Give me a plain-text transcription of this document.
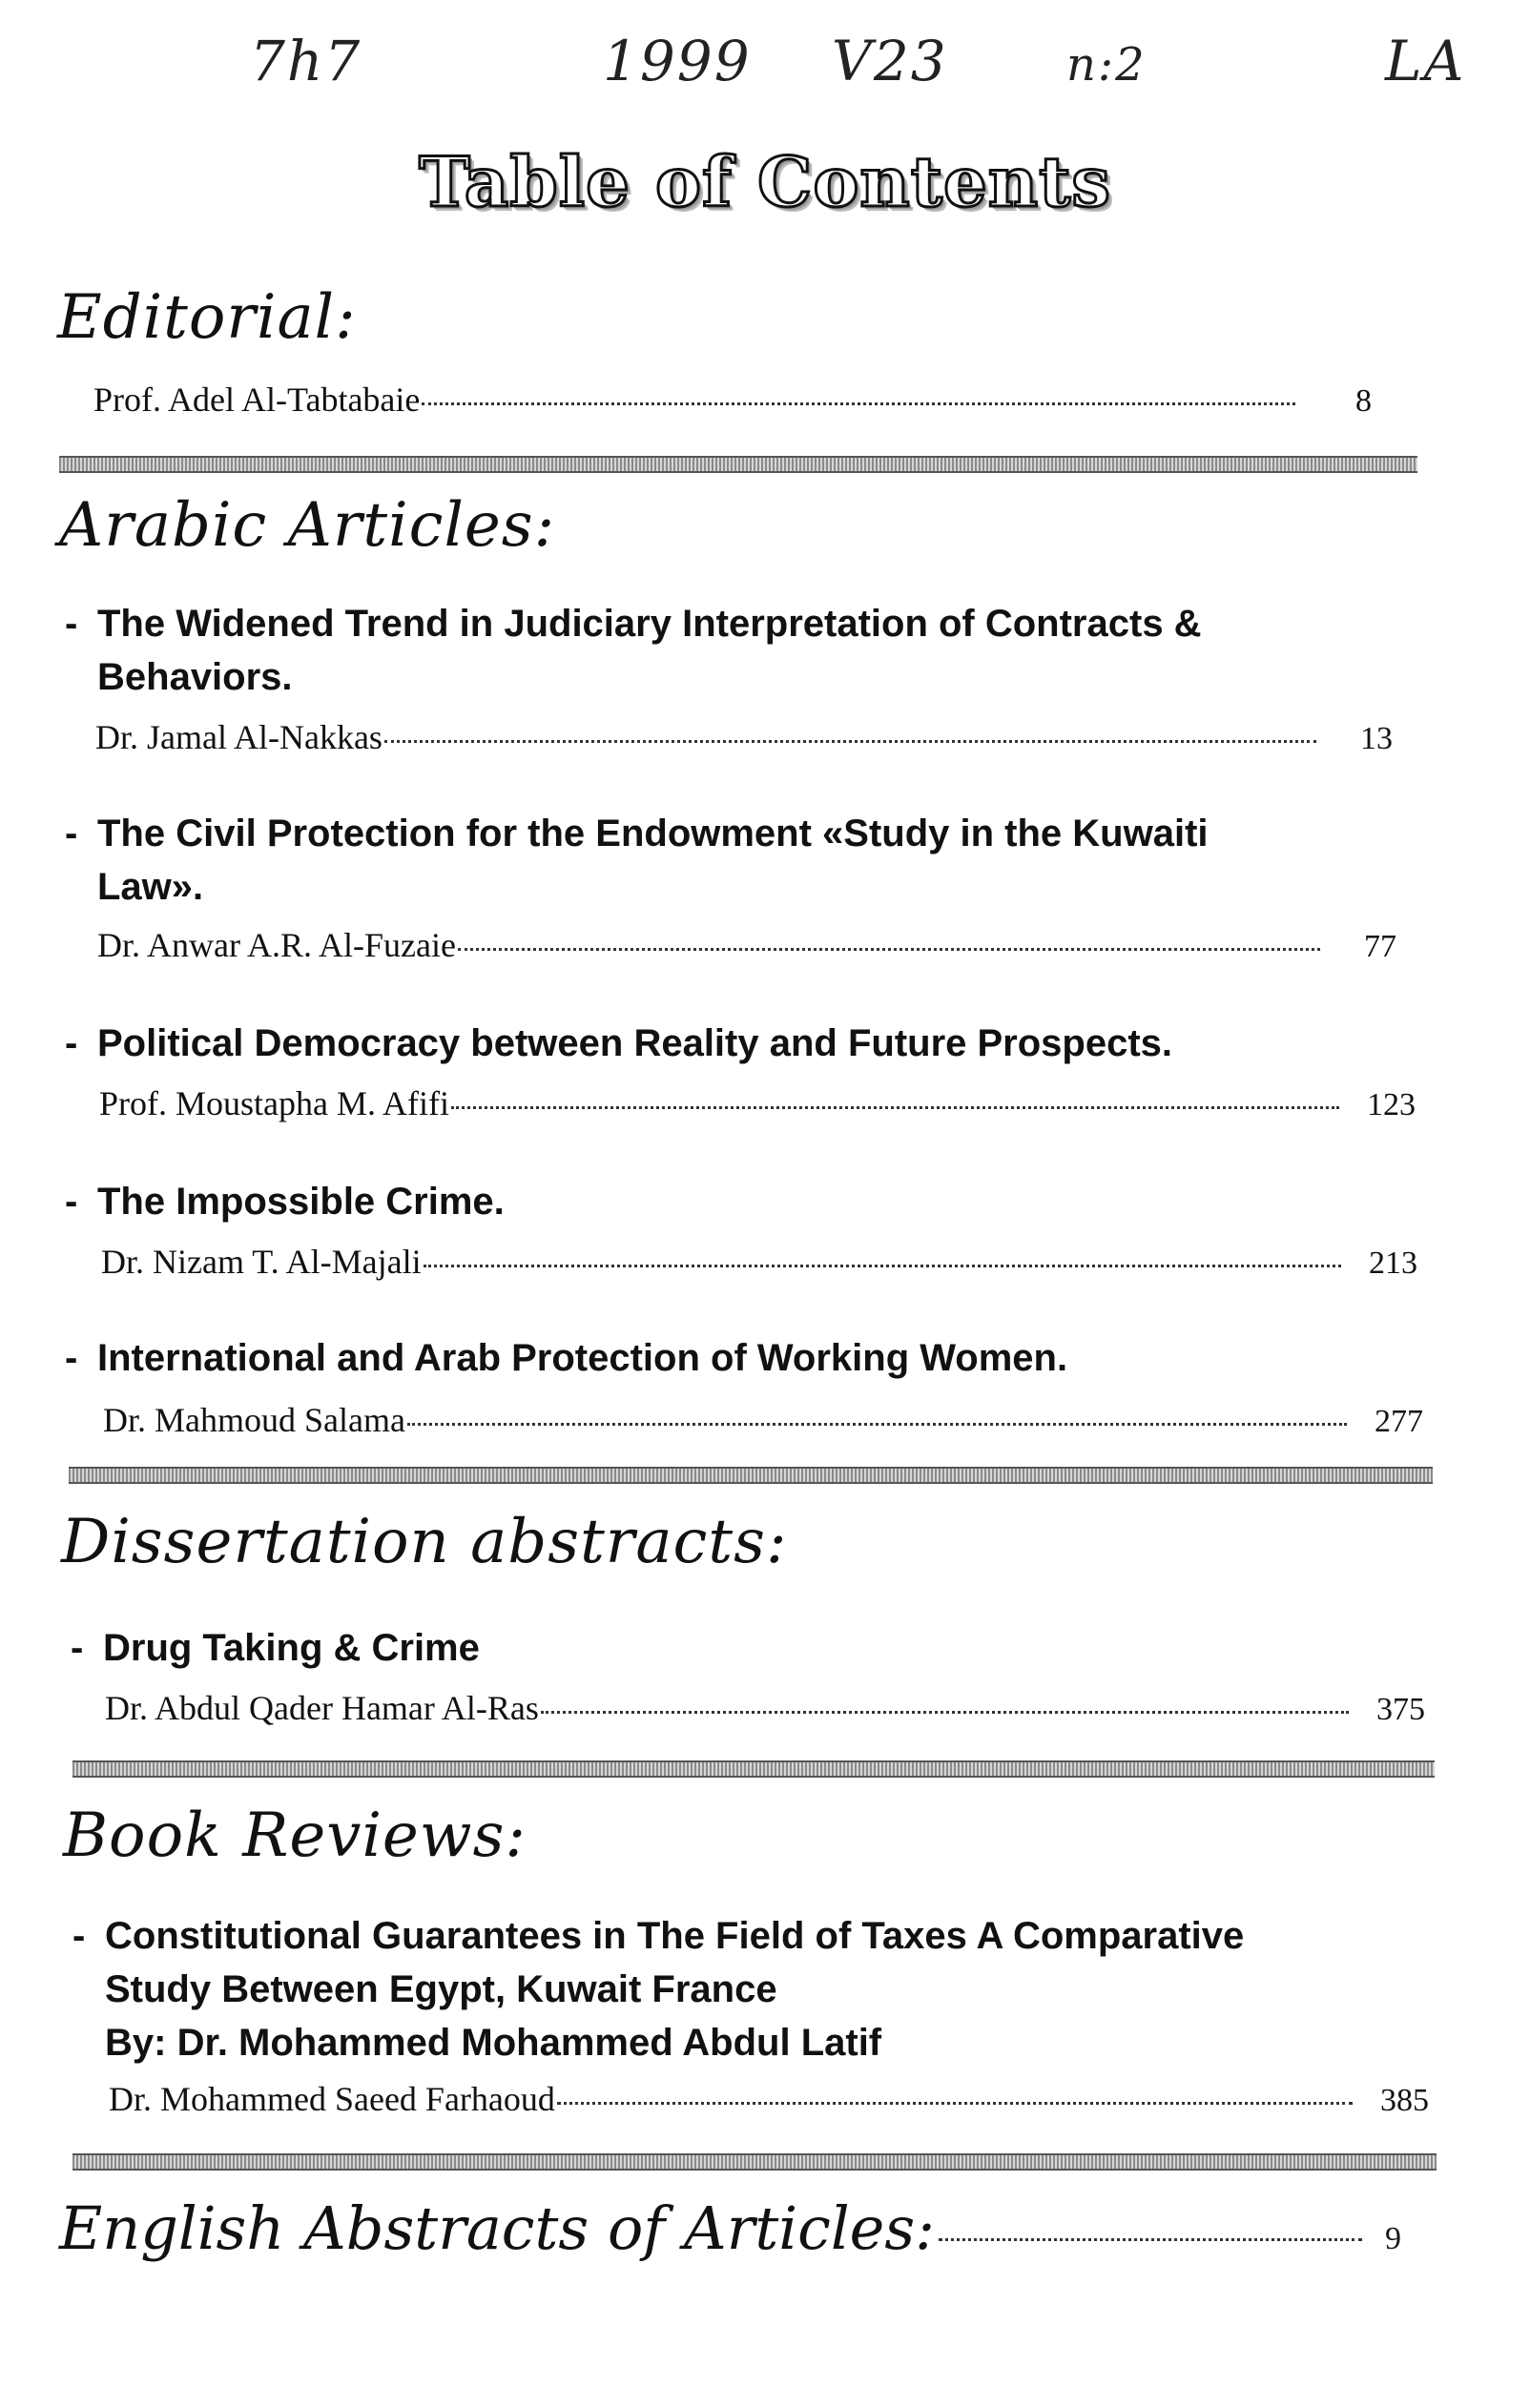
7h7	1999 V23	n:2	LA
Table of Contents
Editorial:
Prof. Adel Al-Tabtabaie	8
Arabic Articles:
- The Widened Trend in Judiciary Interpretation of Contracts &
Behaviors.
Dr. Jamal Al-Nakkas	13
- The Civil Protection for the Endowment «Study in the Kuwaiti
Law».
Dr. Anwar A.R. Al-Fuzaie	77
- Political Democracy between Reality and Future Prospects.
Prof. Moustapha M. Afifi	123
- The Impossible Crime.
Dr. Nizam T. Al-Majali	213
- International and Arab Protection of Working Women.
Dr. Mahmoud Salama	277
Dissertation abstracts:
- Drug Taking & Crime
Dr. Abdul Qader Hamar Al-Ras	375
Book Reviews:
- Constitutional Guarantees in The Field of Taxes A Comparative
Study Between Egypt, Kuwait France
By: Dr. Mohammed Mohammed Abdul Latif
Dr. Mohammed Saeed Farhaoud	385
English Abstracts of Articles:	9
